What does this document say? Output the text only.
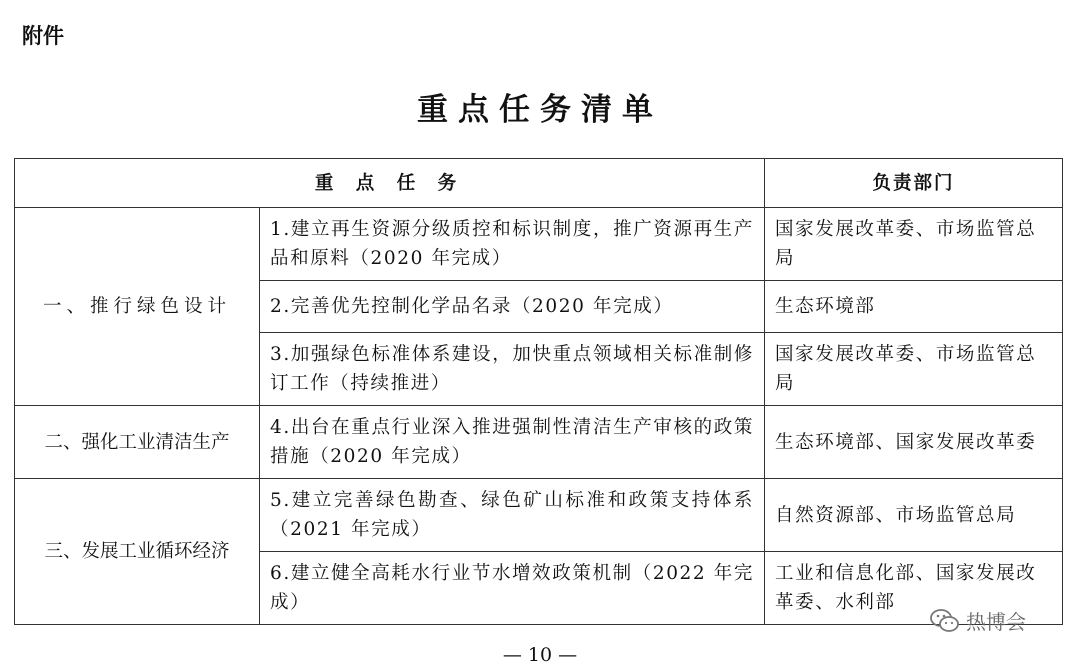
附件
重点任务清单
重 点 任 务		负责部门
一、推行绿色设计	1.建立再生资源分级质控和标识制度，推广资源再生产品和原料（2020 年完成）	国家发展改革委、市场监管总局
	2.完善优先控制化学品名录（2020 年完成）	生态环境部
	3.加强绿色标准体系建设，加快重点领域相关标准制修订工作（持续推进）	国家发展改革委、市场监管总局
二、强化工业清洁生产	4.出台在重点行业深入推进强制性清洁生产审核的政策措施（2020 年完成）	生态环境部、国家发展改革委
三、发展工业循环经济	5.建立完善绿色勘查、绿色矿山标准和政策支持体系（2021 年完成）	自然资源部、市场监管总局
	6.建立健全高耗水行业节水增效政策机制（2022 年完成）	工业和信息化部、国家发展改革委、水利部
— 10 —
热博会
